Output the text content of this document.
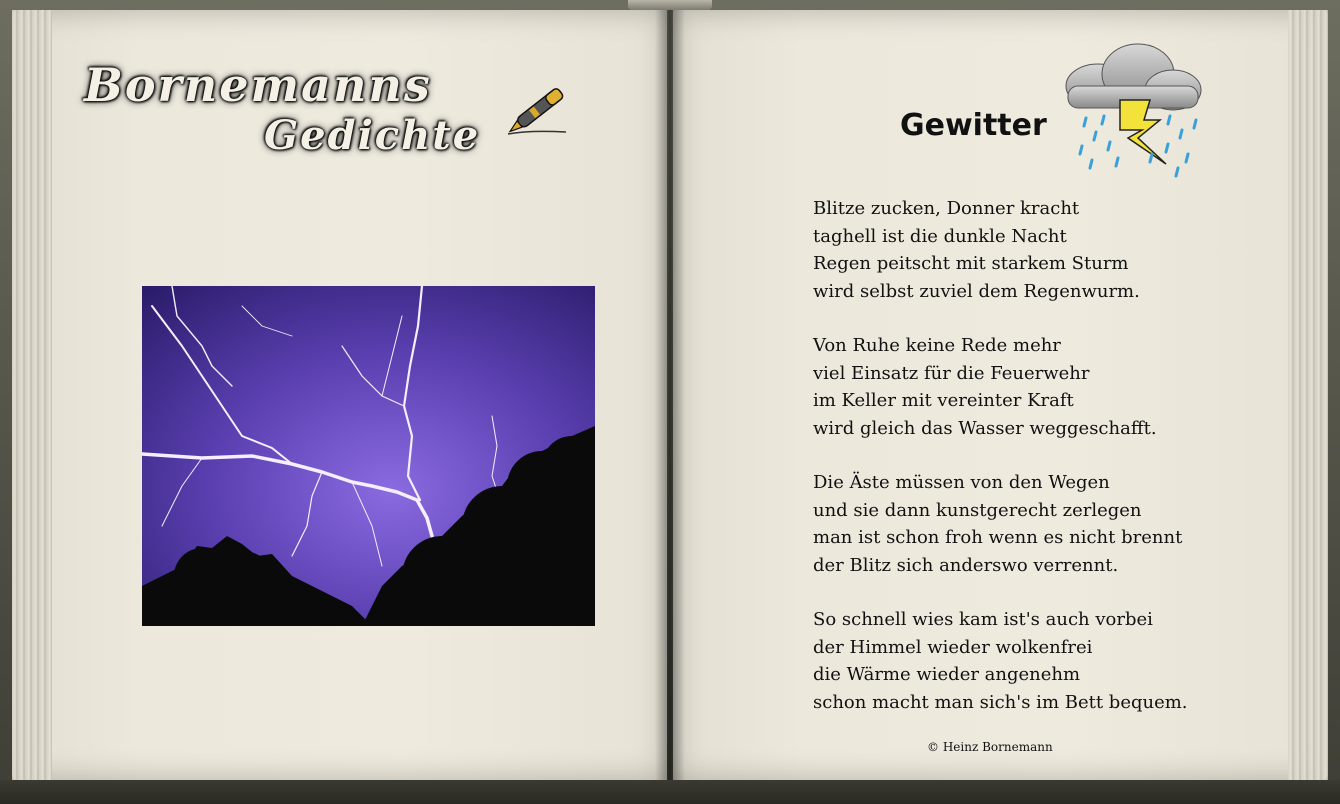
Bornemanns
Gedichte	Gewitter
Blitze zucken, Donner kracht
taghell ist die dunkle Nacht
Regen peitscht mit starkem Sturm
wird selbst zuviel dem Regenwurm.
Von Ruhe keine Rede mehr
viel Einsatz für die Feuerwehr
im Keller mit vereinter Kraft
wird gleich das Wasser weggeschafft.
Die Äste müssen von den Wegen
und sie dann kunstgerecht zerlegen
man ist schon froh wenn es nicht brennt
der Blitz sich anderswo verrennt.
So schnell wies kam ist's auch vorbei
der Himmel wieder wolkenfrei
die Wärme wieder angenehm
schon macht man sich's im Bett bequem.
© Heinz Bornemann
